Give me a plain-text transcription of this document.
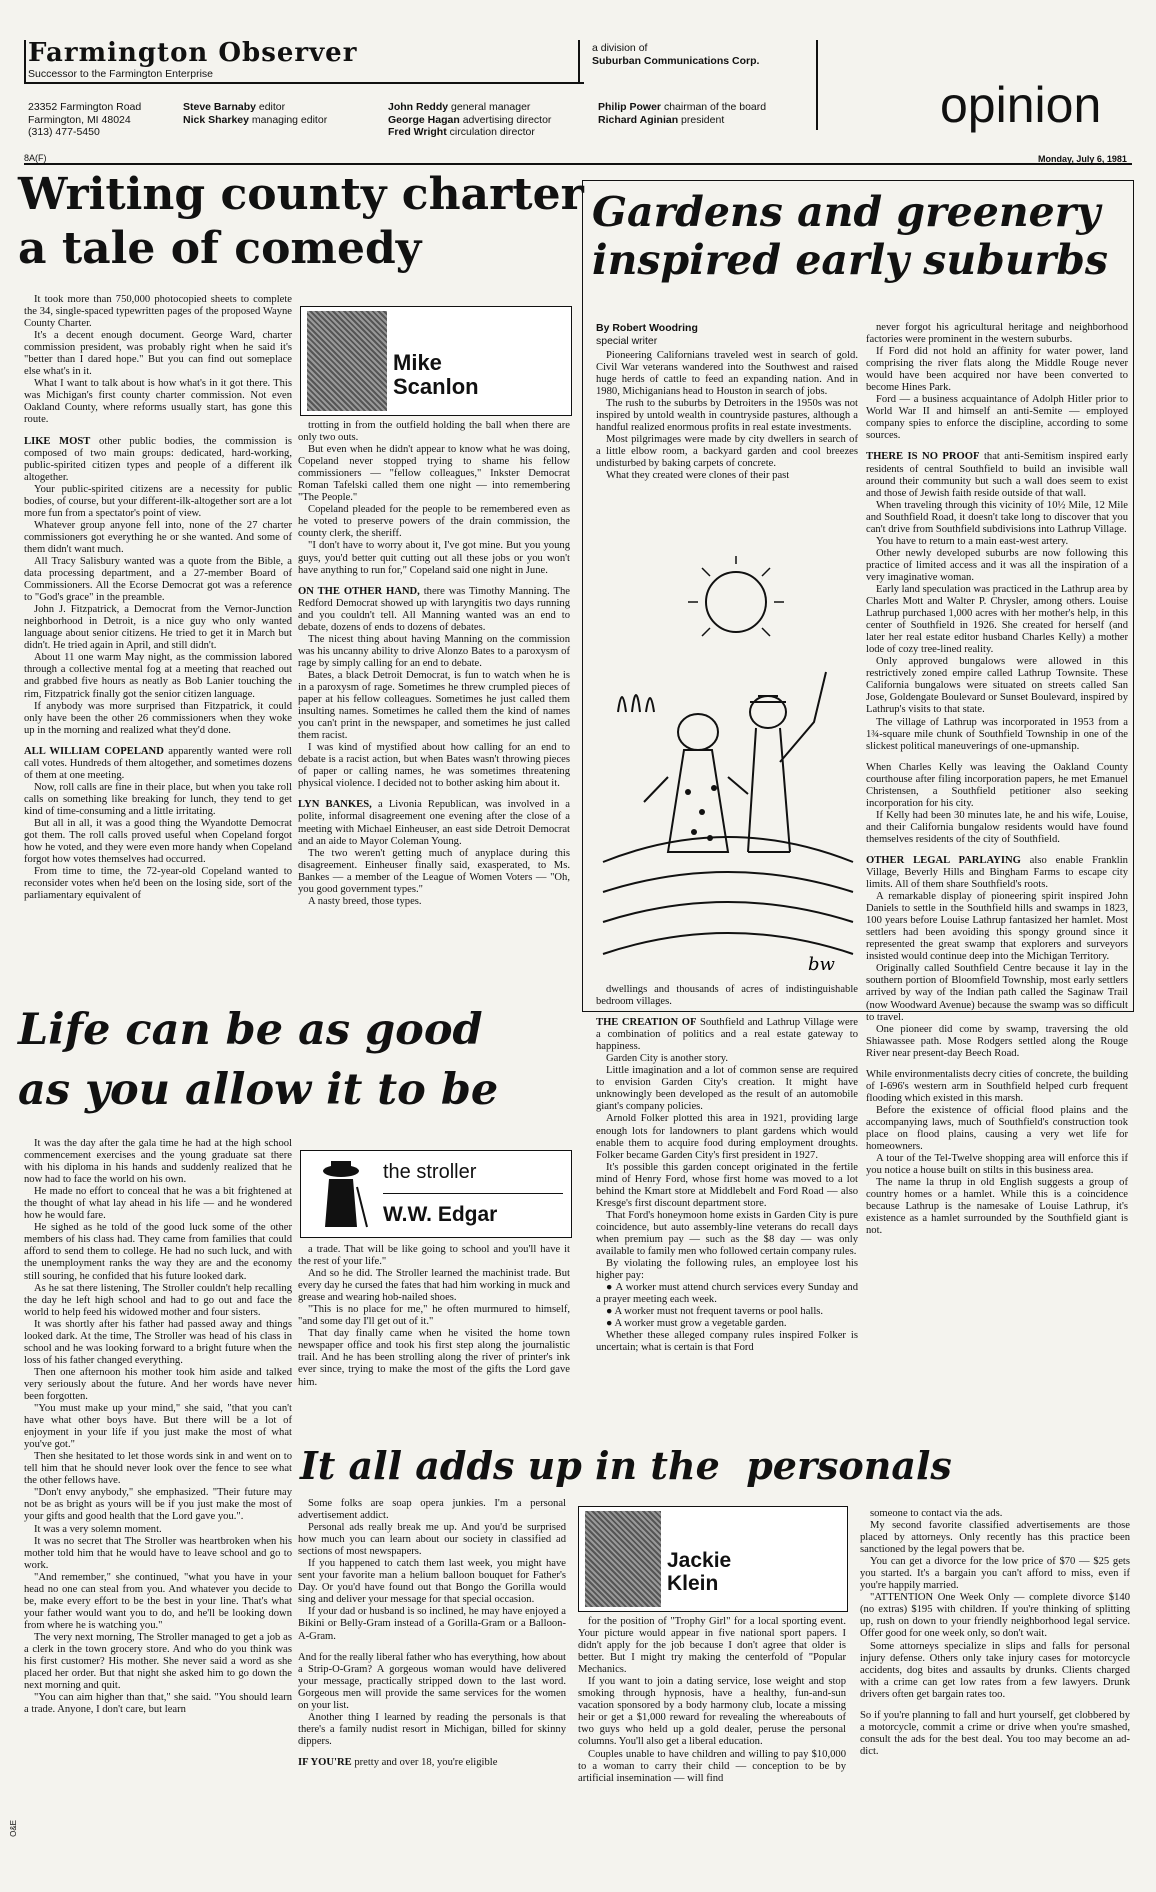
Farmington Observer
Successor to the Farmington Enterprise
a division of
Suburban Communications Corp.
23352 Farmington Road
Farmington, MI 48024
(313) 477-5450
Steve Barnaby editor
Nick Sharkey managing editor
John Reddy general manager
George Hagan advertising director
Fred Wright circulation director
Philip Power chairman of the board
Richard Aginian president	opinion
8A(F)	Monday, July 6, 1981
Writing county charter
a tale of comedy

It took more than 750,000 photocopied sheets to complete the 34, single-spaced typewritten pages of the proposed Wayne County Charter.

It's a decent enough document. George Ward, charter commission president, was probably right when he said it's "better than I dared hope." But you can find out someplace else what's in it.

What I want to talk about is how what's in it got there. This was Michigan's first county charter commission. Not even Oakland County, where reforms usually start, has gone this route.

LIKE MOST other public bodies, the commission is composed of two main groups: dedicated, hard-working, public-spirited citizen types and people of a different ilk altogether.

Your public-spirited citizens are a necessity for public bodies, of course, but your different-ilk-altogether sort are a lot more fun from a spectator's point of view.

Whatever group anyone fell into, none of the 27 charter commissioners got everything he or she wanted. And some of them didn't want much.

All Tracy Salisbury wanted was a quote from the Bible, a data processing department, and a 27-member Board of Commissioners. All the Ecorse Democrat got was a reference to "God's grace" in the preamble.

John J. Fitzpatrick, a Democrat from the Vernor-Junction neighborhood in Detroit, is a nice guy who only wanted language about senior citizens. He tried to get it in March but didn't. He tried again in April, and still didn't.

About 11 one warm May night, as the commission labored through a collective mental fog at a meeting that reached out and grabbed five hours as neatly as Bob Lanier touching the rim, Fitzpatrick finally got the senior citizen language.

If anybody was more surprised than Fitzpatrick, it could only have been the other 26 commissioners when they woke up in the morning and realized what they'd done.

ALL WILLIAM COPELAND apparently wanted were roll call votes. Hundreds of them altogether, and sometimes dozens of them at one meeting.

Now, roll calls are fine in their place, but when you take roll calls on something like breaking for lunch, they tend to get kind of time-consuming and a little irritating.

But all in all, it was a good thing the Wyandotte Democrat got them. The roll calls proved useful when Copeland forgot how he voted, and they were even more handy when Copeland forgot how votes themselves had occurred.

From time to time, the 72-year-old Copeland wanted to reconsider votes when he'd been on the losing side, sort of the parliamentary equivalent of

Mike
Scanlon

trotting in from the outfield holding the ball when there are only two outs.

But even when he didn't appear to know what he was doing, Copeland never stopped trying to shame his fellow commissioners — "fellow colleagues," Inkster Democrat Roman Tafelski called them one night — into remembering "The People."

Copeland pleaded for the people to be remembered even as he voted to preserve powers of the drain commission, the county clerk, the sheriff.

"I don't have to worry about it, I've got mine. But you young guys, you'd better quit cutting out all these jobs or you won't have anything to run for," Copeland said one night in June.

ON THE OTHER HAND, there was Timothy Manning. The Redford Democrat showed up with laryngitis two days running and you couldn't tell. All Manning wanted was an end to debate, dozens of ends to dozens of debates.

The nicest thing about having Manning on the commission was his uncanny ability to drive Alonzo Bates to a paroxysm of rage by simply calling for an end to debate.

Bates, a black Detroit Democrat, is fun to watch when he is in a paroxysm of rage. Sometimes he threw crumpled pieces of paper at his fellow colleagues. Sometimes he just called them insulting names. Sometimes he called them the kind of names you can't print in the newspaper, and sometimes he just called them racist.

I was kind of mystified about how calling for an end to debate is a racist action, but when Bates wasn't throwing pieces of paper or calling names, he was sometimes threatening physical violence. I decided not to bother asking him about it.

LYN BANKES, a Livonia Republican, was involved in a polite, informal disagreement one evening after the close of a meeting with Michael Einheuser, an east side Detroit Democrat and an aide to Mayor Coleman Young.

The two weren't getting much of anyplace during this disagreement. Einheuser finally said, exasperated, to Ms. Bankes — a member of the League of Women Voters — "Oh, you good government types."

A nasty breed, those types.

Gardens and greenery
inspired early suburbs
By Robert Woodring
special writer

Pioneering Californians traveled west in search of gold. Civil War veterans wandered into the Southwest and raised huge herds of cattle to feed an expanding nation. And in 1980, Michiganians head to Houston in search of jobs.

The rush to the suburbs by Detroiters in the 1950s was not inspired by untold wealth in countryside pastures, although a handful realized enormous profits in real estate investments.

Most pilgrimages were made by city dwellers in search of a little elbow room, a backyard garden and cool breezes undisturbed by baking carpets of concrete.

What they created were clones of their past

bw

dwellings and thousands of acres of indistinguishable bedroom villages.

THE CREATION OF Southfield and Lathrup Village were a combination of politics and a real estate gateway to happiness.

Garden City is another story.

Little imagination and a lot of common sense are required to envision Garden City's creation. It might have unknowingly been developed as the result of an automobile giant's company policies.

Arnold Folker plotted this area in 1921, providing large enough lots for landowners to plant gardens which would enable them to acquire food during employment droughts. Folker became Garden City's first president in 1927.

It's possible this garden concept originated in the fertile mind of Henry Ford, whose first home was moved to a lot behind the Kmart store at Middlebelt and Ford Road — also Kresge's first discount department store.

That Ford's honeymoon home exists in Garden City is pure coincidence, but auto assembly-line veterans do recall days when premium pay — such as the $8 day — was only available to family men who followed certain company rules.

By violating the following rules, an employee lost his higher pay:

● A worker must attend church services every Sunday and a prayer meeting each week.

● A worker must not frequent taverns or pool halls.

● A worker must grow a vegetable garden.

Whether these alleged company rules inspired Folker is uncertain; what is certain is that Ford

never forgot his agricultural heritage and neighborhood factories were prominent in the western suburbs.

If Ford did not hold an affinity for water power, land comprising the river flats along the Middle Rouge never would have been acquired nor have been converted to become Hines Park.

Ford — a business acquaintance of Adolph Hitler prior to World War II and himself an anti-Semite — employed company spies to enforce the discipline, according to some sources.

THERE IS NO PROOF that anti-Semitism inspired early residents of central Southfield to build an invisible wall around their community but such a wall does seem to exist and those of Jewish faith reside outside of that wall.

When traveling through this vicinity of 10½ Mile, 12 Mile and Southfield Road, it doesn't take long to discover that you can't drive from Southfield subdivisions into Lathrup Village.

You have to return to a main east-west artery.

Other newly developed suburbs are now following this practice of limited access and it was all the inspiration of a very imaginative woman.

Early land speculation was practiced in the Lathrup area by Charles Mott and Walter P. Chrysler, among others. Louise Lathrup purchased 1,000 acres with her mother's help, in this center of Southfield in 1926. She created for herself (and later her real estate editor husband Charles Kelly) a mother lode of cozy tree-lined reality.

Only approved bungalows were allowed in this restrictively zoned empire called Lathrup Townsite. These California bungalows were situated on streets called San Jose, Goldengate Boulevard or Sunset Boulevard, inspired by Lathrup's visits to that state.

The village of Lathrup was incorporated in 1953 from a 1¾-square mile chunk of Southfield Township in one of the slickest political maneuverings of one-upmanship.

When Charles Kelly was leaving the Oakland County courthouse after filing incorporation papers, he met Emanuel Christensen, a Southfield petitioner also seeking incorporation for his city.

If Kelly had been 30 minutes late, he and his wife, Louise, and their California bungalow residents would have found themselves residents of the city of Southfield.

OTHER LEGAL PARLAYING also enable Franklin Village, Beverly Hills and Bingham Farms to escape city limits. All of them share Southfield's roots.

A remarkable display of pioneering spirit inspired John Daniels to settle in the Southfield hills and swamps in 1823, 100 years before Louise Lathrup fantasized her hamlet. Most settlers had been avoiding this spongy ground since it represented the great swamp that explorers and surveyors insisted would continue deep into the Michigan Territory.

Originally called Southfield Centre because it lay in the southern portion of Bloomfield Township, most early settlers arrived by way of the Indian path called the Saginaw Trail (now Woodward Avenue) because the swamp was so difficult to travel.

One pioneer did come by swamp, traversing the old Shiawassee path. Mose Rodgers settled along the Rouge River near present-day Beech Road.

While environmentalists decry cities of concrete, the building of I-696's western arm in Southfield helped curb frequent flooding which existed in this marsh.

Before the existence of official flood plains and the accompanying laws, much of Southfield's construction took place on flood plains, causing a very wet life for homeowners.

A tour of the Tel-Twelve shopping area will enforce this if you notice a house built on stilts in this business area.

The name la thrup in old English suggests a group of country homes or a hamlet. While this is a coincidence because Lathrup is the namesake of Louise Lathrup, it's existence as a hamlet surrounded by the Southfield giant is not.

Life can be as good
as you allow it to be

It was the day after the gala time he had at the high school commencement exercises and the young graduate sat there with his diploma in his hands and suddenly realized that he now had to face the world on his own.

He made no effort to conceal that he was a bit frightened at the thought of what lay ahead in his life — and he wondered how he would fare.

He sighed as he told of the good luck some of the other members of his class had. They came from families that could afford to send them to college. He had no such luck, and with the unemployment ranks the way they are and the economy still souring, he confided that his future looked dark.

As he sat there listening, The Stroller couldn't help recalling the day he left high school and had to go out and face the world to help feed his widowed mother and four sisters.

It was shortly after his father had passed away and things looked dark. At the time, The Stroller was head of his class in school and he was looking forward to a bright future when the loss of his father changed everything.

Then one afternoon his mother took him aside and talked very seriously about the future. And her words have never been forgotten.

"You must make up your mind," she said, "that you can't have what other boys have. But there will be a lot of enjoyment in your life if you just make the most of what you've got."

Then she hesitated to let those words sink in and went on to tell him that he should never look over the fence to see what the other fellows have.

"Don't envy anybody," she emphasized. "Their future may not be as bright as yours will be if you just make the most of your gifts and good health that the Lord gave you.".

It was a very solemn moment.

It was no secret that The Stroller was heartbroken when his mother told him that he would have to leave school and go to work.

"And remember," she continued, "what you have in your head no one can steal from you. And whatever you decide to be, make every effort to be the best in your line. That's what your father would want you to do, and he'll be looking down from where he is watching you."

The very next morning, The Stroller managed to get a job as a clerk in the town grocery store. And who do you think was his first customer? His mother. She never said a word as she placed her order. But that night she asked him to go down the next morning and quit.

"You can aim higher than that," she said. "You should learn a trade. Anyone, I don't care, but learn

the stroller
W.W. Edgar

a trade. That will be like going to school and you'll have it the rest of your life."

And so he did. The Stroller learned the machinist trade. But every day he cursed the fates that had him working in muck and grease and wearing hob-nailed shoes.

"This is no place for me," he often murmured to himself, "and some day I'll get out of it."

That day finally came when he visited the home town newspaper office and took his first step along the journalistic trail. And he has been strolling along the river of printer's ink ever since, trying to make the most of the gifts the Lord gave him.

It all adds up in the  personals

Some folks are soap opera junkies. I'm a personal advertisement addict.

Personal ads really break me up. And you'd be surprised how much you can learn about our society in classified ad sections of most newspapers.

If you happened to catch them last week, you might have sent your favorite man a helium balloon bouquet for Father's Day. Or you'd have found out that Bongo the Gorilla would sing and deliver your message for that special occasion.

If your dad or husband is so inclined, he may have enjoyed a Bikini or Belly-Gram instead of a Gorilla-Gram or a Balloon-A-Gram.

And for the really liberal father who has everything, how about a Strip-O-Gram? A gorgeous woman would have delivered your message, practically stripped down to the last word. Gorgeous men will provide the same services for the women on your list.

Another thing I learned by reading the personals is that there's a family nudist resort in Michigan, billed for skinny dippers.

IF YOU'RE pretty and over 18, you're eligible

Jackie
Klein

for the position of "Trophy Girl" for a local sporting event. Your picture would appear in five national sport papers. I didn't apply for the job because I don't agree that older is better. But I might try making the centerfold of "Popular Mechanics.

If you want to join a dating service, lose weight and stop smoking through hypnosis, have a healthy, fun-and-sun vacation sponsored by a body harmony club, locate a missing heir or get a $1,000 reward for revealing the whereabouts of two guys who held up a gold dealer, peruse the personal columns. You'll also get a liberal education.

Couples unable to have children and willing to pay $10,000 to a woman to carry their child — conception to be by artificial insemination — will find

someone to contact via the ads.

My second favorite classified advertisements are those placed by attorneys. Only recently has this practice been sanctioned by the legal powers that be.

You can get a divorce for the low price of $70 — $25 gets you started. It's a bargain you can't afford to miss, even if you're happily married.

"ATTENTION One Week Only — complete divorce $140 (no extras) $195 with children. If you're thinking of splitting up, rush on down to your friendly neighborhood legal service. Offer good for one week only, so don't wait.

Some attorneys specialize in slips and falls for personal injury defense. Others only take injury cases for motorcycle accidents, dog bites and assaults by drunks. Clients charged with a crime can get low rates from a few lawyers. Drunk drivers often get bargain rates too.

So if you're planning to fall and hurt yourself, get clobbered by a motorcycle, commit a crime or drive when you're smashed, consult the ads for the best deal. You too may become an ad-dict.

O&E
